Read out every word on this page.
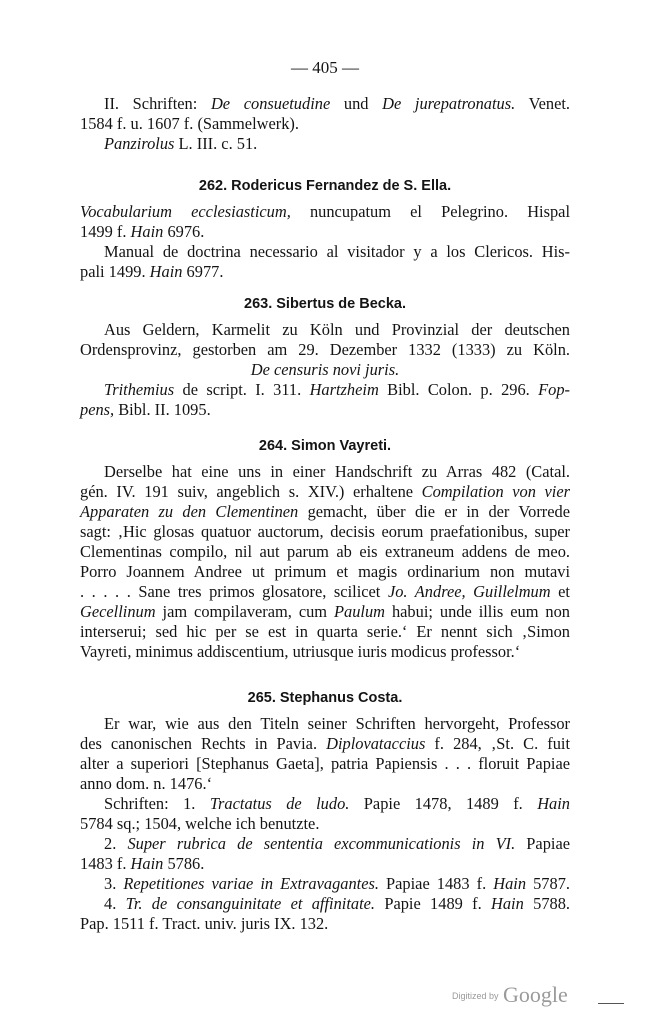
— 405 —
II. Schriften: De consuetudine und De jurepatronatus. Venet.
1584 f. u. 1607 f. (Sammelwerk).
Panzirolus L. III. c. 51.
262. Rodericus Fernandez de S. Ella.
Vocabularium ecclesiasticum, nuncupatum el Pelegrino. Hispal
1499 f. Hain 6976.
Manual de doctrina necessario al visitador y a los Clericos. His-
pali 1499. Hain 6977.
263. Sibertus de Becka.
Aus Geldern, Karmelit zu Köln und Provinzial der deutschen
Ordensprovinz, gestorben am 29. Dezember 1332 (1333) zu Köln.
De censuris novi juris.
Trithemius de script. I. 311. Hartzheim Bibl. Colon. p. 296. Fop-
pens, Bibl. II. 1095.
264. Simon Vayreti.
Derselbe hat eine uns in einer Handschrift zu Arras 482 (Catal.
gén. IV. 191 suiv, angeblich s. XIV.) erhaltene Compilation von vier
Apparaten zu den Clementinen gemacht, über die er in der Vorrede
sagt: ‚Hic glosas quatuor auctorum, decisis eorum praefationibus, super
Clementinas compilo, nil aut parum ab eis extraneum addens de meo.
Porro Joannem Andree ut primum et magis ordinarium non mutavi
. . . . . Sane tres primos glosatore, scilicet Jo. Andree, Guillelmum et
Gecellinum jam compilaveram, cum Paulum habui; unde illis eum non
interserui; sed hic per se est in quarta serie.‘ Er nennt sich ‚Simon
Vayreti, minimus addiscentium, utriusque iuris modicus professor.‘
265. Stephanus Costa.
Er war, wie aus den Titeln seiner Schriften hervorgeht, Professor
des canonischen Rechts in Pavia. Diplovataccius f. 284, ‚St. C. fuit
alter a superiori [Stephanus Gaeta], patria Papiensis . . . floruit Papiae
anno dom. n. 1476.‘
Schriften: 1. Tractatus de ludo. Papie 1478, 1489 f. Hain
5784 sq.; 1504, welche ich benutzte.
2. Super rubrica de sententia excommunicationis in VI. Papiae
1483 f. Hain 5786.
3. Repetitiones variae in Extravagantes. Papiae 1483 f. Hain 5787.
4. Tr. de consanguinitate et affinitate. Papie 1489 f. Hain 5788.
Pap. 1511 f. Tract. univ. juris IX. 132.
Digitized by Google
